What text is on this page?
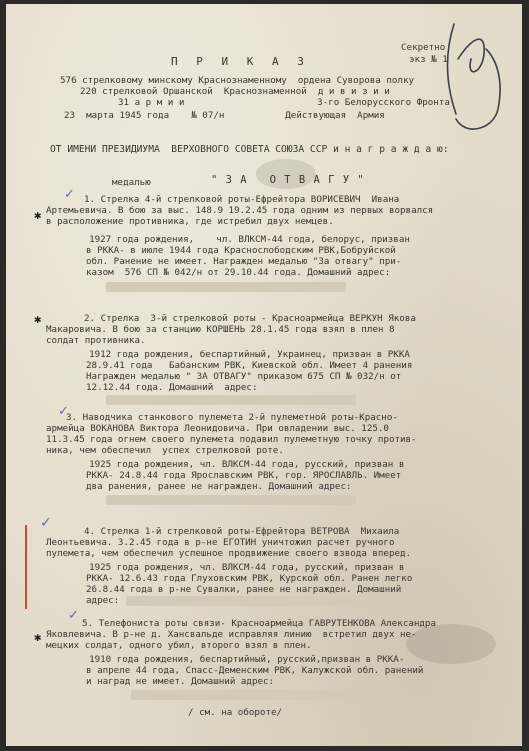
Секретно
экз № 1
П Р И К А З
576 стрелковому минскому Краснознаменному  ордена Суворова полку
220 стрелковой Оршанской  Краснознаменной  д и в и з и и
31 а р м и и                        3-го Белорусского Фронта
23  марта 1945 года    № 07/н           Действующая  Армия
ОТ ИМЕНИ ПРЕЗИДИУМА  ВЕРХОВНОГО СОВЕТА СОЮЗА ССР и н а г р а ж д а ю:
медалью	" З А   О Т В А Г У "
1. Стрелка 4-й стрелковой роты-Ефрейтора ВОРИСЕВИЧ  Ивана
Артемьевича. В бою за выс. 148.9 19.2.45 года одним из первых ворвался
в расположение противника, где истребил двух немцев.
1927 года рождения,    чл. ВЛКСМ-44 года, белорус, призван
в РККА- в июле 1944 года Краснослободским РВК,Бобруйской
обл. Ранение не имеет. Награжден медалью "За отвагу" при-
казом  576 СП № 042/н от 29.10.44 года. Домашний адрес:
2. Стрелка  3-й стрелковой роты - Красноармейца ВЕРКУН Якова
Макаровича. В бою за станцию КОРШЕНЬ 28.1.45 года взял в плен 8
солдат противника.
1912 года рождения, беспартийный, Украинец, призван в РККА
28.9.41 года   Бабанским РВК, Киевской обл. Имеет 4 ранения
Награжден медалью " ЗА ОТВАГУ" приказом 675 СП № 032/н от
12.12.44 года. Домашний  адрес:
3. Наводчика станкового пулемета 2-й пулеметной роты-Красно-
армейца ВОКАНОВА Виктора Леонидовича. При овладении выс. 125.0
11.3.45 года огнем своего пулемета подавил пулеметную точку против-
ника, чем обеспечил  успех стрелковой роте.
1925 года рождения, чл. ВЛКСМ-44 года, русский, призван в
РККА- 24.8.44 года Ярославским РВК, гор. ЯРОСЛАВЛЬ. Имеет
два ранения, ранее не награжден. Домашний адрес:
4. Стрелка 1-й стрелковой роты-Ефрейтора ВЕТРОВА  Михаила
Леонтьевича. 3.2.45 года в р-не ЕГОТИН уничтожил расчет ручного
пулемета, чем обеспечил успешное продвижение своего взвода вперед.
1925 года рождения, чл. ВЛКСМ-44 года, русский, призван в
РККА- 12.6.43 года Глуховским РВК, Курской обл. Ранен легко
26.8.44 года в р-не Сувалки, ранее не награжден. Домашний
адрес:
5. Телефониста роты связи- Красноармейца ГАВРУТЕНКОВА Александра
Яковлевича. В р-не д. Хансвальде исправляя линию  встретил двух не-
мецких солдат, одного убил, второго взял в плен.
1910 года рождения, беспартийный, русский,призван в РККА-
в апреле 44 года, Спасс-Деменским РВК, Калужской обл. ранений
и наград не имеет. Домашний адрес:
/ см. на обороте/
✓
✓
✓
✓
✱
✱
✱
